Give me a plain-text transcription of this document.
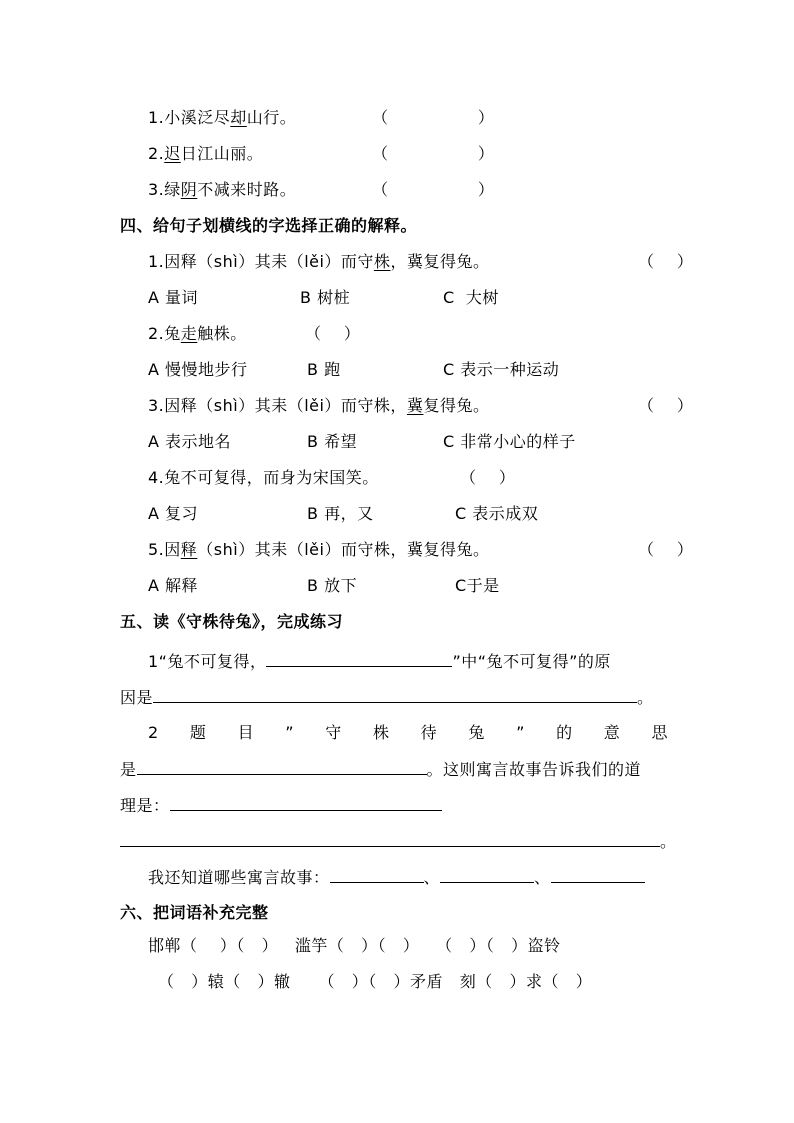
1.小溪泛尽却山行。	（                ）
2.迟日江山丽。	（                ）
3.绿阴不减来时路。	（                ）
四、给句子划横线的字选择正确的解释。
1.因释（shì）其耒（lěi）而守株，冀复得兔。	（    ）
A 量词	B 树桩	C  大树
2.兔走触株。	（    ）
A 慢慢地步行	B 跑	C 表示一种运动
3.因释（shì）其耒（lěi）而守株，冀复得兔。	（    ）
A 表示地名	B 希望	C 非常小心的样子
4.兔不可复得，而身为宋国笑。	（    ）
A 复习	B 再，又	C 表示成双
5.因释（shì）其耒（lěi）而守株，冀复得兔。	（    ）
A 解释	B 放下	C于是
五、读《守株待兔》，完成练习
1“兔不可复得，	”中“兔不可复得”的原
因是	。
2 题 目 ” 守 株 待 兔 ” 的 意 思
是	。这则寓言故事告诉我们的道
理是：
。
我还知道哪些寓言故事：	、	、
六、把词语补充完整
邯郸（    ）（   ）   滥竽（   ）（   ）   （   ）（   ）盗铃
（   ）辕（   ）辙     （   ）（   ）矛盾   刻（   ）求（   ）
